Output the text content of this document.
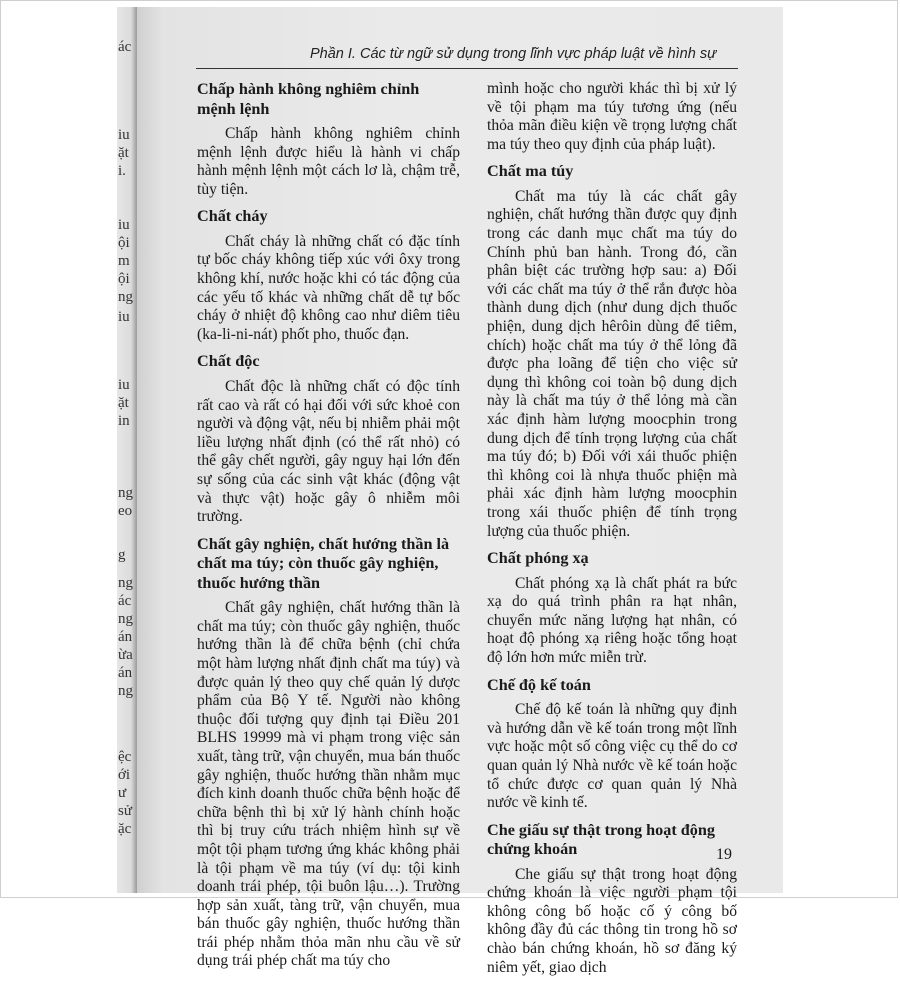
ác
iu
ặt
i.
iu
ội
m
ội
ng
iu
iu
ặt
in
ng
eo
g
ng
ác
ng
án
ừa
án
ng
ệc
ới
ư
sử
ặc
Phần I. Các từ ngữ sử dụng trong lĩnh vực pháp luật về hình sự
Chấp hành không nghiêm chỉnh mệnh lệnh

Chấp hành không nghiêm chỉnh mệnh lệnh được hiểu là hành vi chấp hành mệnh lệnh một cách lơ là, chậm trễ, tùy tiện.

Chất cháy

Chất cháy là những chất có đặc tính tự bốc cháy không tiếp xúc với ôxy trong không khí, nước hoặc khi có tác động của các yếu tố khác và những chất dễ tự bốc cháy ở nhiệt độ không cao như diêm tiêu (ka-li-ni-nát) phốt pho, thuốc đạn.

Chất độc

Chất độc là những chất có độc tính rất cao và rất có hại đối với sức khoẻ con người và động vật, nếu bị nhiễm phải một liều lượng nhất định (có thể rất nhỏ) có thể gây chết người, gây nguy hại lớn đến sự sống của các sinh vật khác (động vật và thực vật) hoặc gây ô nhiễm môi trường.

Chất gây nghiện, chất hướng thần là chất ma túy; còn thuốc gây nghiện, thuốc hướng thần

Chất gây nghiện, chất hướng thần là chất ma túy; còn thuốc gây nghiện, thuốc hướng thần là để chữa bệnh (chỉ chứa một hàm lượng nhất định chất ma túy) và được quản lý theo quy chế quản lý dược phẩm của Bộ Y tế. Người nào không thuộc đối tượng quy định tại Điều 201 BLHS 19999 mà vi phạm trong việc sản xuất, tàng trữ, vận chuyển, mua bán thuốc gây nghiện, thuốc hướng thần nhằm mục đích kinh doanh thuốc chữa bệnh hoặc để chữa bệnh thì bị xử lý hành chính hoặc thì bị truy cứu trách nhiệm hình sự về một tội phạm tương ứng khác không phải là tội phạm về ma túy (ví dụ: tội kinh doanh trái phép, tội buôn lậu…). Trường hợp sản xuất, tàng trữ, vận chuyển, mua bán thuốc gây nghiện, thuốc hướng thần trái phép nhằm thỏa mãn nhu cầu về sử dụng trái phép chất ma túy cho

mình hoặc cho người khác thì bị xử lý về tội phạm ma túy tương ứng (nếu thỏa mãn điều kiện về trọng lượng chất ma túy theo quy định của pháp luật).

Chất ma túy

Chất ma túy là các chất gây nghiện, chất hướng thần được quy định trong các danh mục chất ma túy do Chính phủ ban hành. Trong đó, cần phân biệt các trường hợp sau: a) Đối với các chất ma túy ở thể rắn được hòa thành dung dịch (như dung dịch thuốc phiện, dung dịch hêrôin dùng để tiêm, chích) hoặc chất ma túy ở thể lỏng đã được pha loãng để tiện cho việc sử dụng thì không coi toàn bộ dung dịch này là chất ma túy ở thể lỏng mà cần xác định hàm lượng moocphin trong dung dịch để tính trọng lượng của chất ma túy đó; b) Đối với xái thuốc phiện thì không coi là nhựa thuốc phiện mà phải xác định hàm lượng moocphin trong xái thuốc phiện để tính trọng lượng của thuốc phiện.

Chất phóng xạ

Chất phóng xạ là chất phát ra bức xạ do quá trình phân ra hạt nhân, chuyển mức năng lượng hạt nhân, có hoạt độ phóng xạ riêng hoặc tổng hoạt độ lớn hơn mức miễn trừ.

Chế độ kế toán

Chế độ kế toán là những quy định và hướng dẫn về kế toán trong một lĩnh vực hoặc một số công việc cụ thể do cơ quan quản lý Nhà nước về kế toán hoặc tổ chức được cơ quan quản lý Nhà nước về kinh tế.

Che giấu sự thật trong hoạt động chứng khoán

Che giấu sự thật trong hoạt động chứng khoán là việc người phạm tội không công bố hoặc cố ý công bố không đầy đủ các thông tin trong hồ sơ chào bán chứng khoán, hồ sơ đăng ký niêm yết, giao dịch

19
